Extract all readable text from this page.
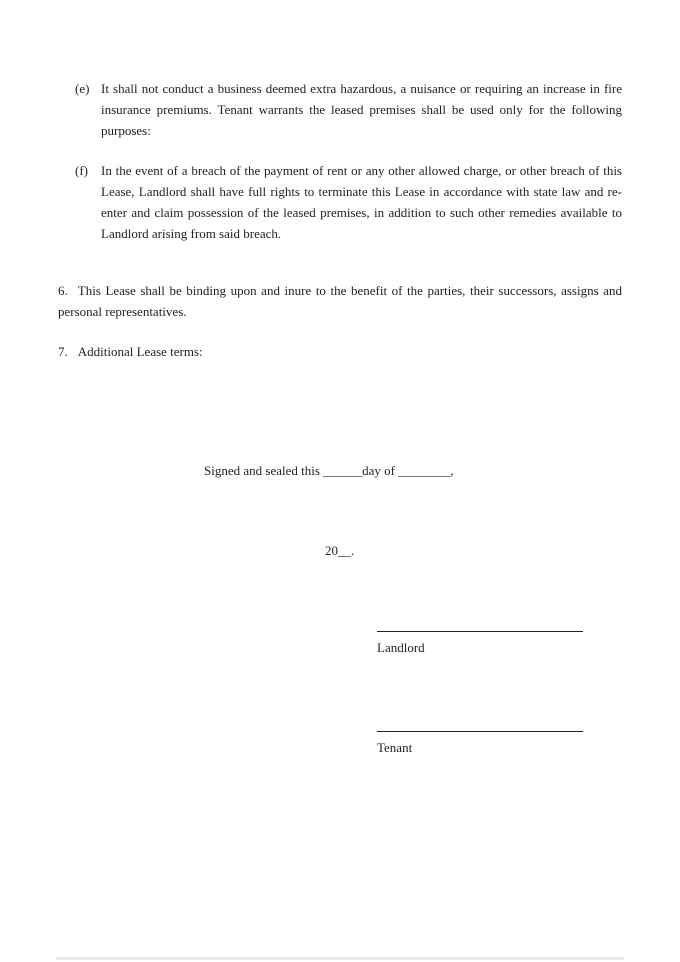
(e) It shall not conduct a business deemed extra hazardous, a nuisance or requiring an increase in fire insurance premiums. Tenant warrants the leased premises shall be used only for the following purposes:
(f)	In the event of a breach of the payment of rent or any other allowed charge, or other breach of this Lease, Landlord shall have full rights to terminate this Lease in accordance with state law and re-enter and claim possession of the leased premises, in addition to such other remedies available to Landlord arising from said breach.
6. This Lease shall be binding upon and inure to the benefit of the parties, their successors, assigns and personal representatives.
7. Additional Lease terms:
Signed and sealed this ______day of ________,
20__.
Landlord
Tenant
